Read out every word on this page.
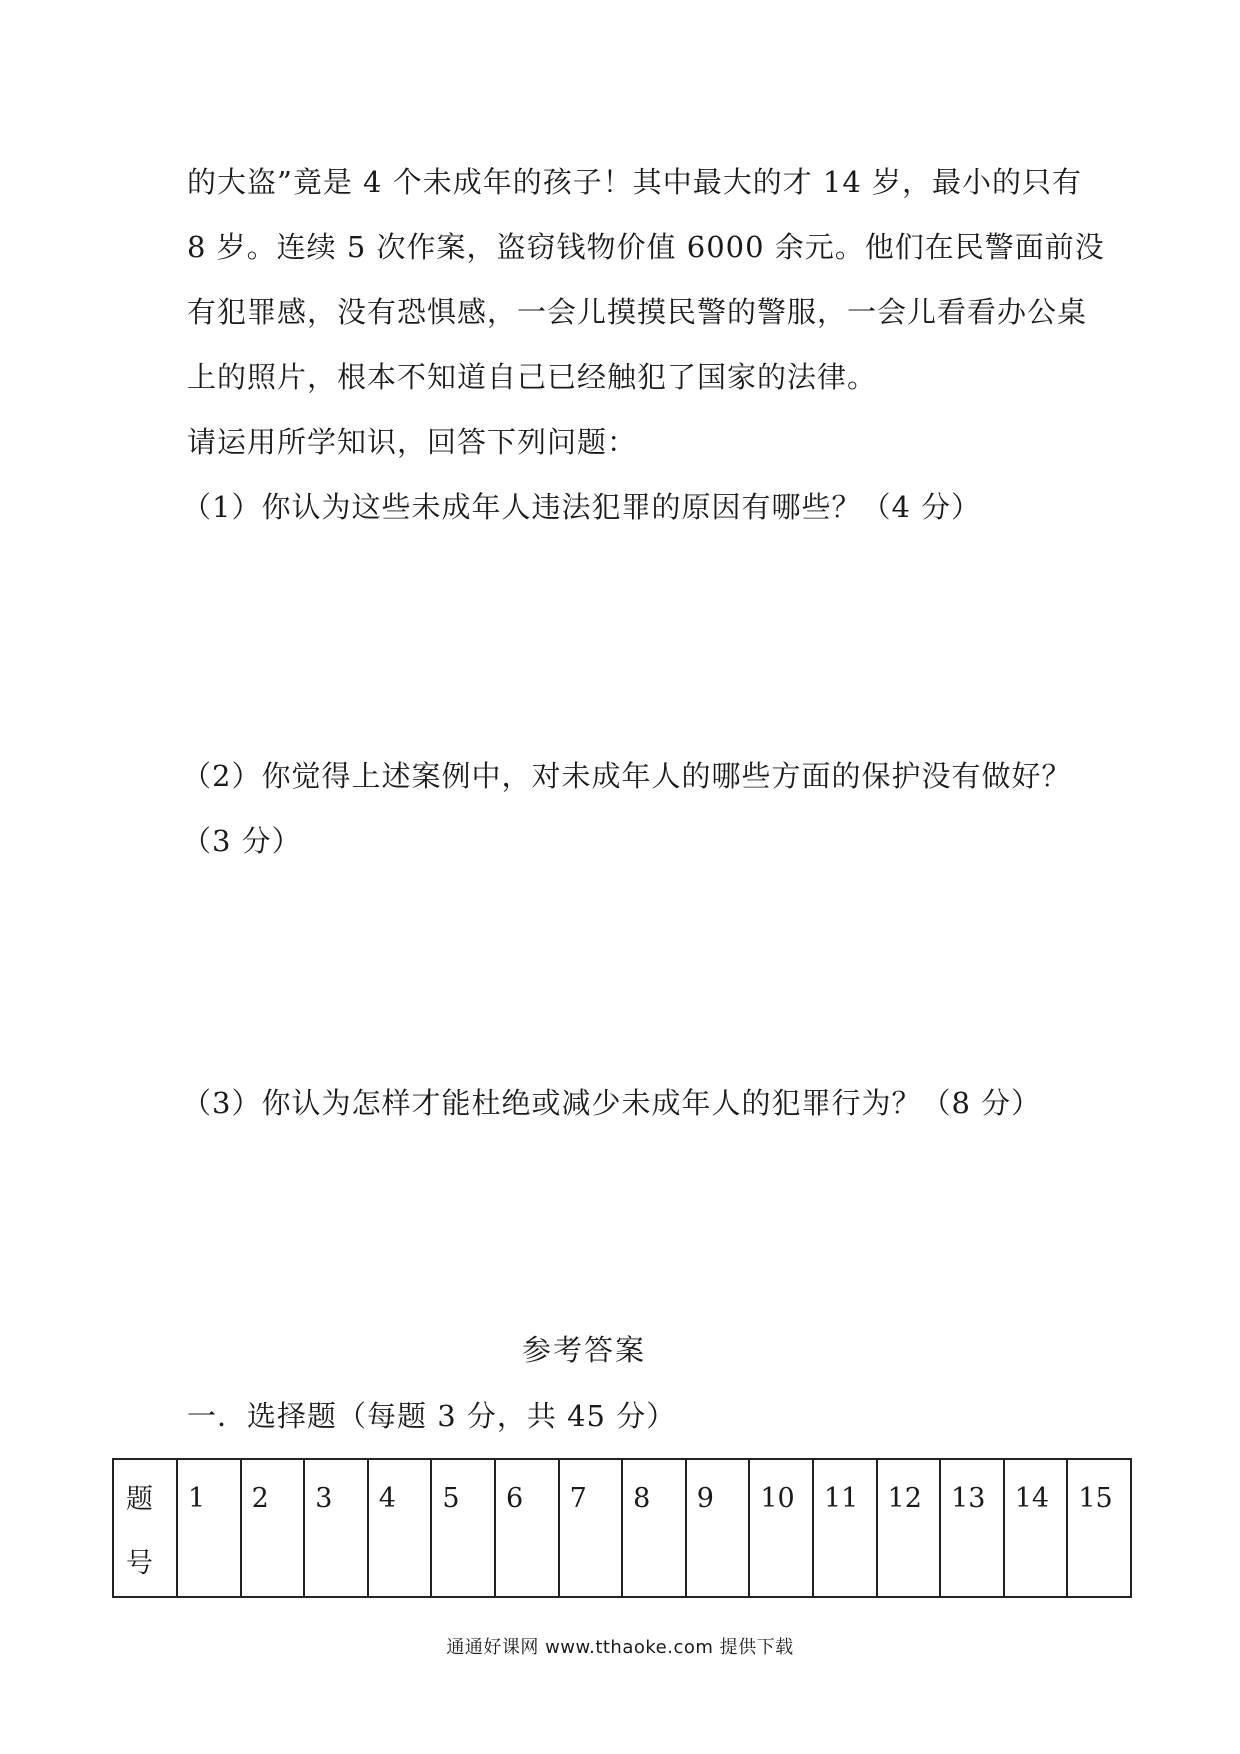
的大盗”竟是 4 个未成年的孩子！其中最大的才 14 岁，最小的只有
8 岁。连续 5 次作案，盗窃钱物价值 6000 余元。他们在民警面前没
有犯罪感，没有恐惧感，一会儿摸摸民警的警服，一会儿看看办公桌
上的照片，根本不知道自己已经触犯了国家的法律。
请运用所学知识，回答下列问题：
（1）你认为这些未成年人违法犯罪的原因有哪些？（4 分）
（2）你觉得上述案例中，对未成年人的哪些方面的保护没有做好？
（3 分）
（3）你认为怎样才能杜绝或减少未成年人的犯罪行为？（8 分）
参考答案
一．选择题（每题 3 分，共 45 分）
题
号
	1	2	3	4	5	6	7	8	9	10	11	12	13	14	15
通通好课网 www.tthaoke.com 提供下载
